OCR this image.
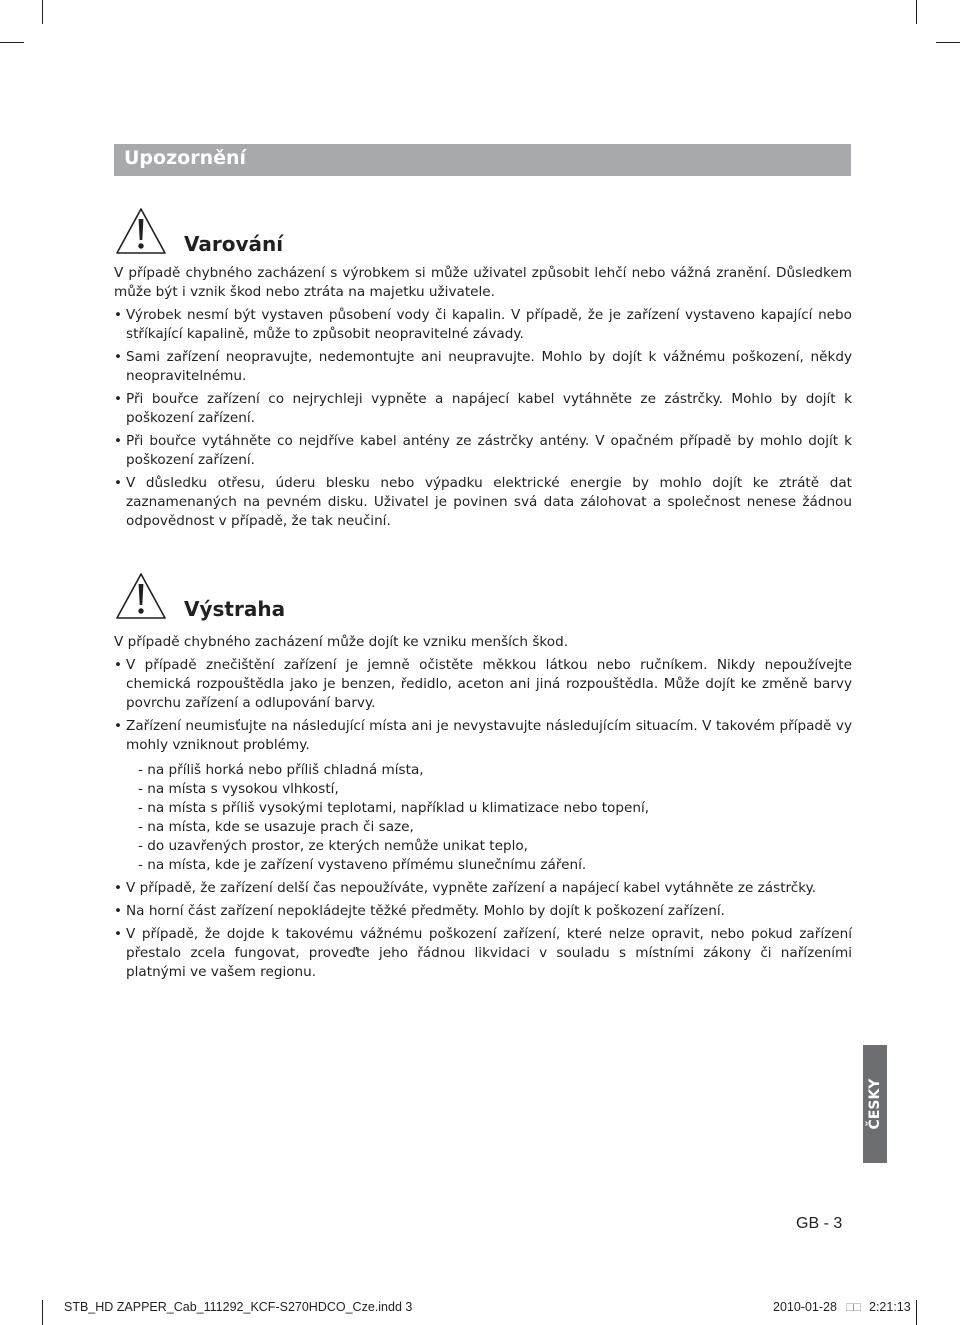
Upozornění
Varování

V případě chybného zacházení s výrobkem si může uživatel způsobit lehčí nebo vážná zranění. Důsledkem může být i vznik škod nebo ztráta na majetku uživatele.

• Výrobek nesmí být vystaven působení vody či kapalin. V případě, že je zařízení vystaveno kapající nebo stříkající kapalině, může to způsobit neopravitelné závady.
• Sami zařízení neopravujte, nedemontujte ani neupravujte. Mohlo by dojít k vážnému poškození, někdy neopravitelnému.
• Při bouřce zařízení co nejrychleji vypněte a napájecí kabel vytáhněte ze zástrčky. Mohlo by dojít k poškození zařízení.
• Při bouřce vytáhněte co nejdříve kabel antény ze zástrčky antény. V opačném případě by mohlo dojít k poškození zařízení.
• V důsledku otřesu, úderu blesku nebo výpadku elektrické energie by mohlo dojít ke ztrátě dat zaznamenaných na pevném disku. Uživatel je povinen svá data zálohovat a společnost nenese žádnou odpovědnost v případě, že tak neučiní.
Výstraha

V případě chybného zacházení může dojít ke vzniku menších škod.

• V případě znečištění zařízení je jemně očistěte měkkou látkou nebo ručníkem. Nikdy nepoužívejte chemická rozpouštědla jako je benzen, ředidlo, aceton ani jiná rozpouštědla. Může dojít ke změně barvy povrchu zařízení a odlupování barvy.
• Zařízení neumisťujte na následující místa ani je nevystavujte následujícím situacím. V takovém případě vy mohly vzniknout problémy.
- na příliš horká nebo příliš chladná místa,
- na místa s vysokou vlhkostí,
- na místa s příliš vysokými teplotami, například u klimatizace nebo topení,
- na místa, kde se usazuje prach či saze,
- do uzavřených prostor, ze kterých nemůže unikat teplo,
- na místa, kde je zařízení vystaveno přímému slunečnímu záření.
• V případě, že zařízení delší čas nepoužíváte, vypněte zařízení a napájecí kabel vytáhněte ze zástrčky.
• Na horní část zařízení nepokládejte těžké předměty. Mohlo by dojít k poškození zařízení.
• V případě, že dojde k takovému vážnému poškození zařízení, které nelze opravit, nebo pokud zařízení přestalo zcela fungovat, proveďte jeho řádnou likvidaci v souladu s místními zákony či nařízeními platnými ve vašem regionu.
ČESKY
GB - 3
STB_HD ZAPPER_Cab_111292_KCF-S270HDCO_Cze.indd 3	2010-01-28 □□ 2:21:13
